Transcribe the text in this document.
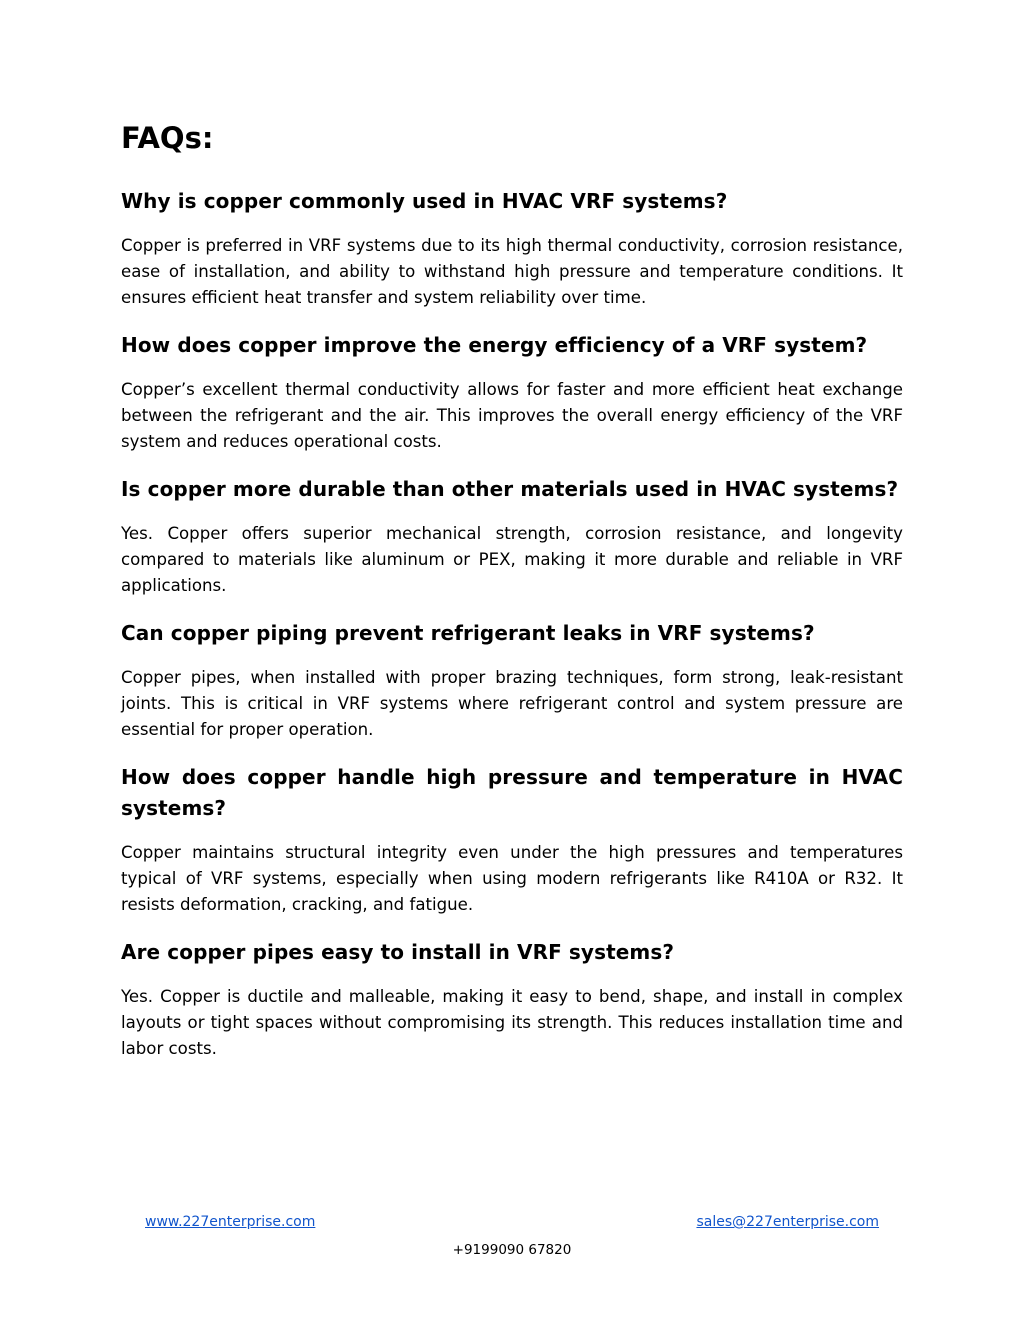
FAQs:
Why is copper commonly used in HVAC VRF systems?

Copper is preferred in VRF systems due to its high thermal conductivity, corrosion resistance, ease of installation, and ability to withstand high pressure and temperature conditions. It ensures efficient heat transfer and system reliability over time.

How does copper improve the energy efficiency of a VRF system?

Copper’s excellent thermal conductivity allows for faster and more efficient heat exchange between the refrigerant and the air. This improves the overall energy efficiency of the VRF system and reduces operational costs.

Is copper more durable than other materials used in HVAC systems?

Yes. Copper offers superior mechanical strength, corrosion resistance, and longevity compared to materials like aluminum or PEX, making it more durable and reliable in VRF applications.

Can copper piping prevent refrigerant leaks in VRF systems?

Copper pipes, when installed with proper brazing techniques, form strong, leak-resistant joints. This is critical in VRF systems where refrigerant control and system pressure are essential for proper operation.

How does copper handle high pressure and temperature in HVAC systems?

Copper maintains structural integrity even under the high pressures and temperatures typical of VRF systems, especially when using modern refrigerants like R410A or R32. It resists deformation, cracking, and fatigue.

Are copper pipes easy to install in VRF systems?

Yes. Copper is ductile and malleable, making it easy to bend, shape, and install in complex layouts or tight spaces without compromising its strength. This reduces installation time and labor costs.

www.227enterprise.com	sales@227enterprise.com
+9199090 67820
